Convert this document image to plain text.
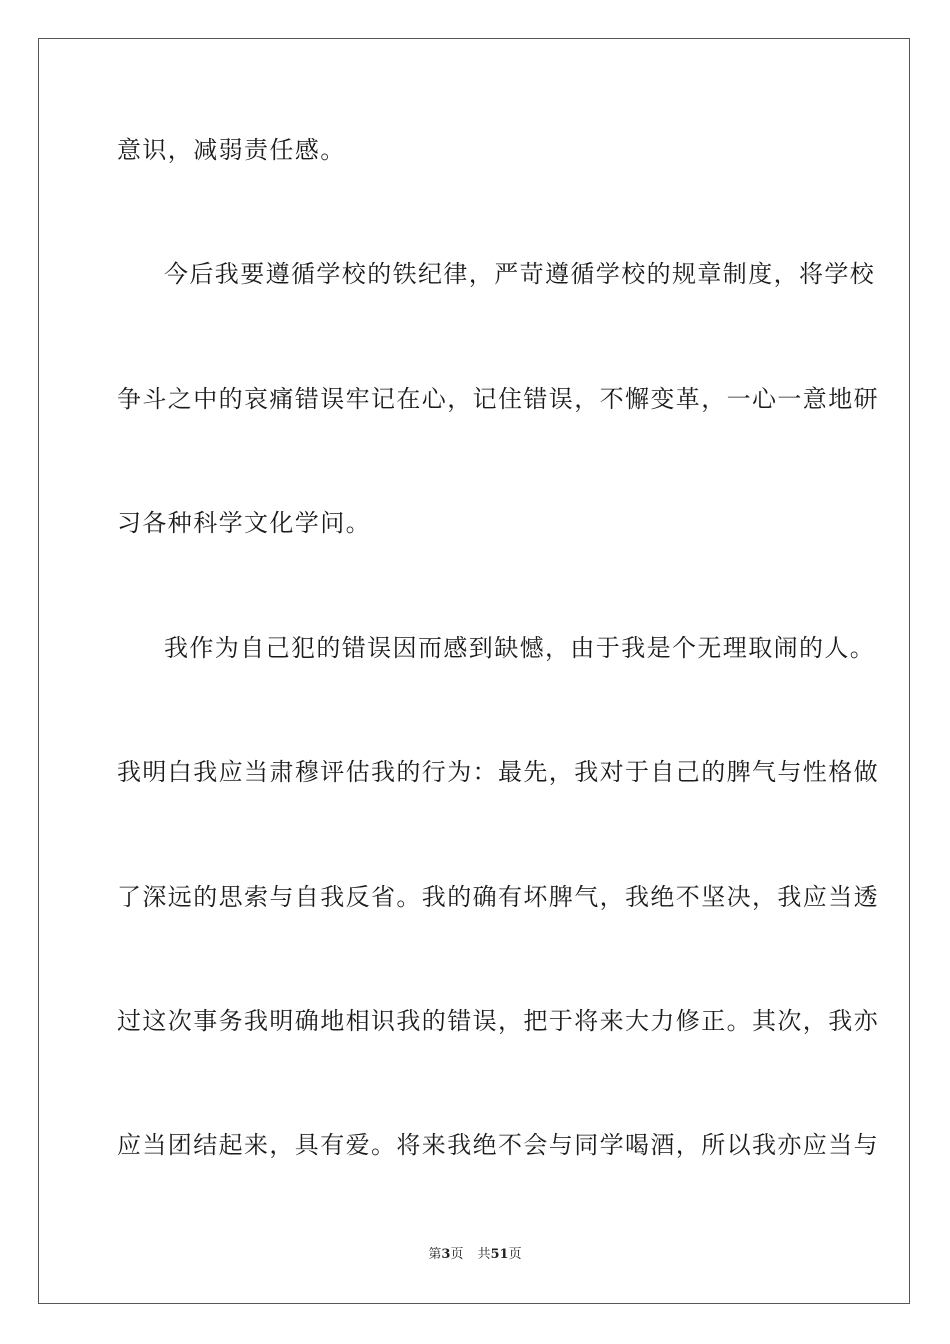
意识，减弱责任感。
今后我要遵循学校的铁纪律，严苛遵循学校的规章制度，将学校
争斗之中的哀痛错误牢记在心，记住错误，不懈变革，一心一意地研
习各种科学文化学问。
我作为自己犯的错误因而感到缺憾，由于我是个无理取闹的人。
我明白我应当肃穆评估我的行为：最先，我对于自己的脾气与性格做
了深远的思索与自我反省。我的确有坏脾气，我绝不坚决，我应当透
过这次事务我明确地相识我的错误，把于将来大力修正。其次，我亦
应当团结起来，具有爱。将来我绝不会与同学喝酒，所以我亦应当与
第3页 共51页
